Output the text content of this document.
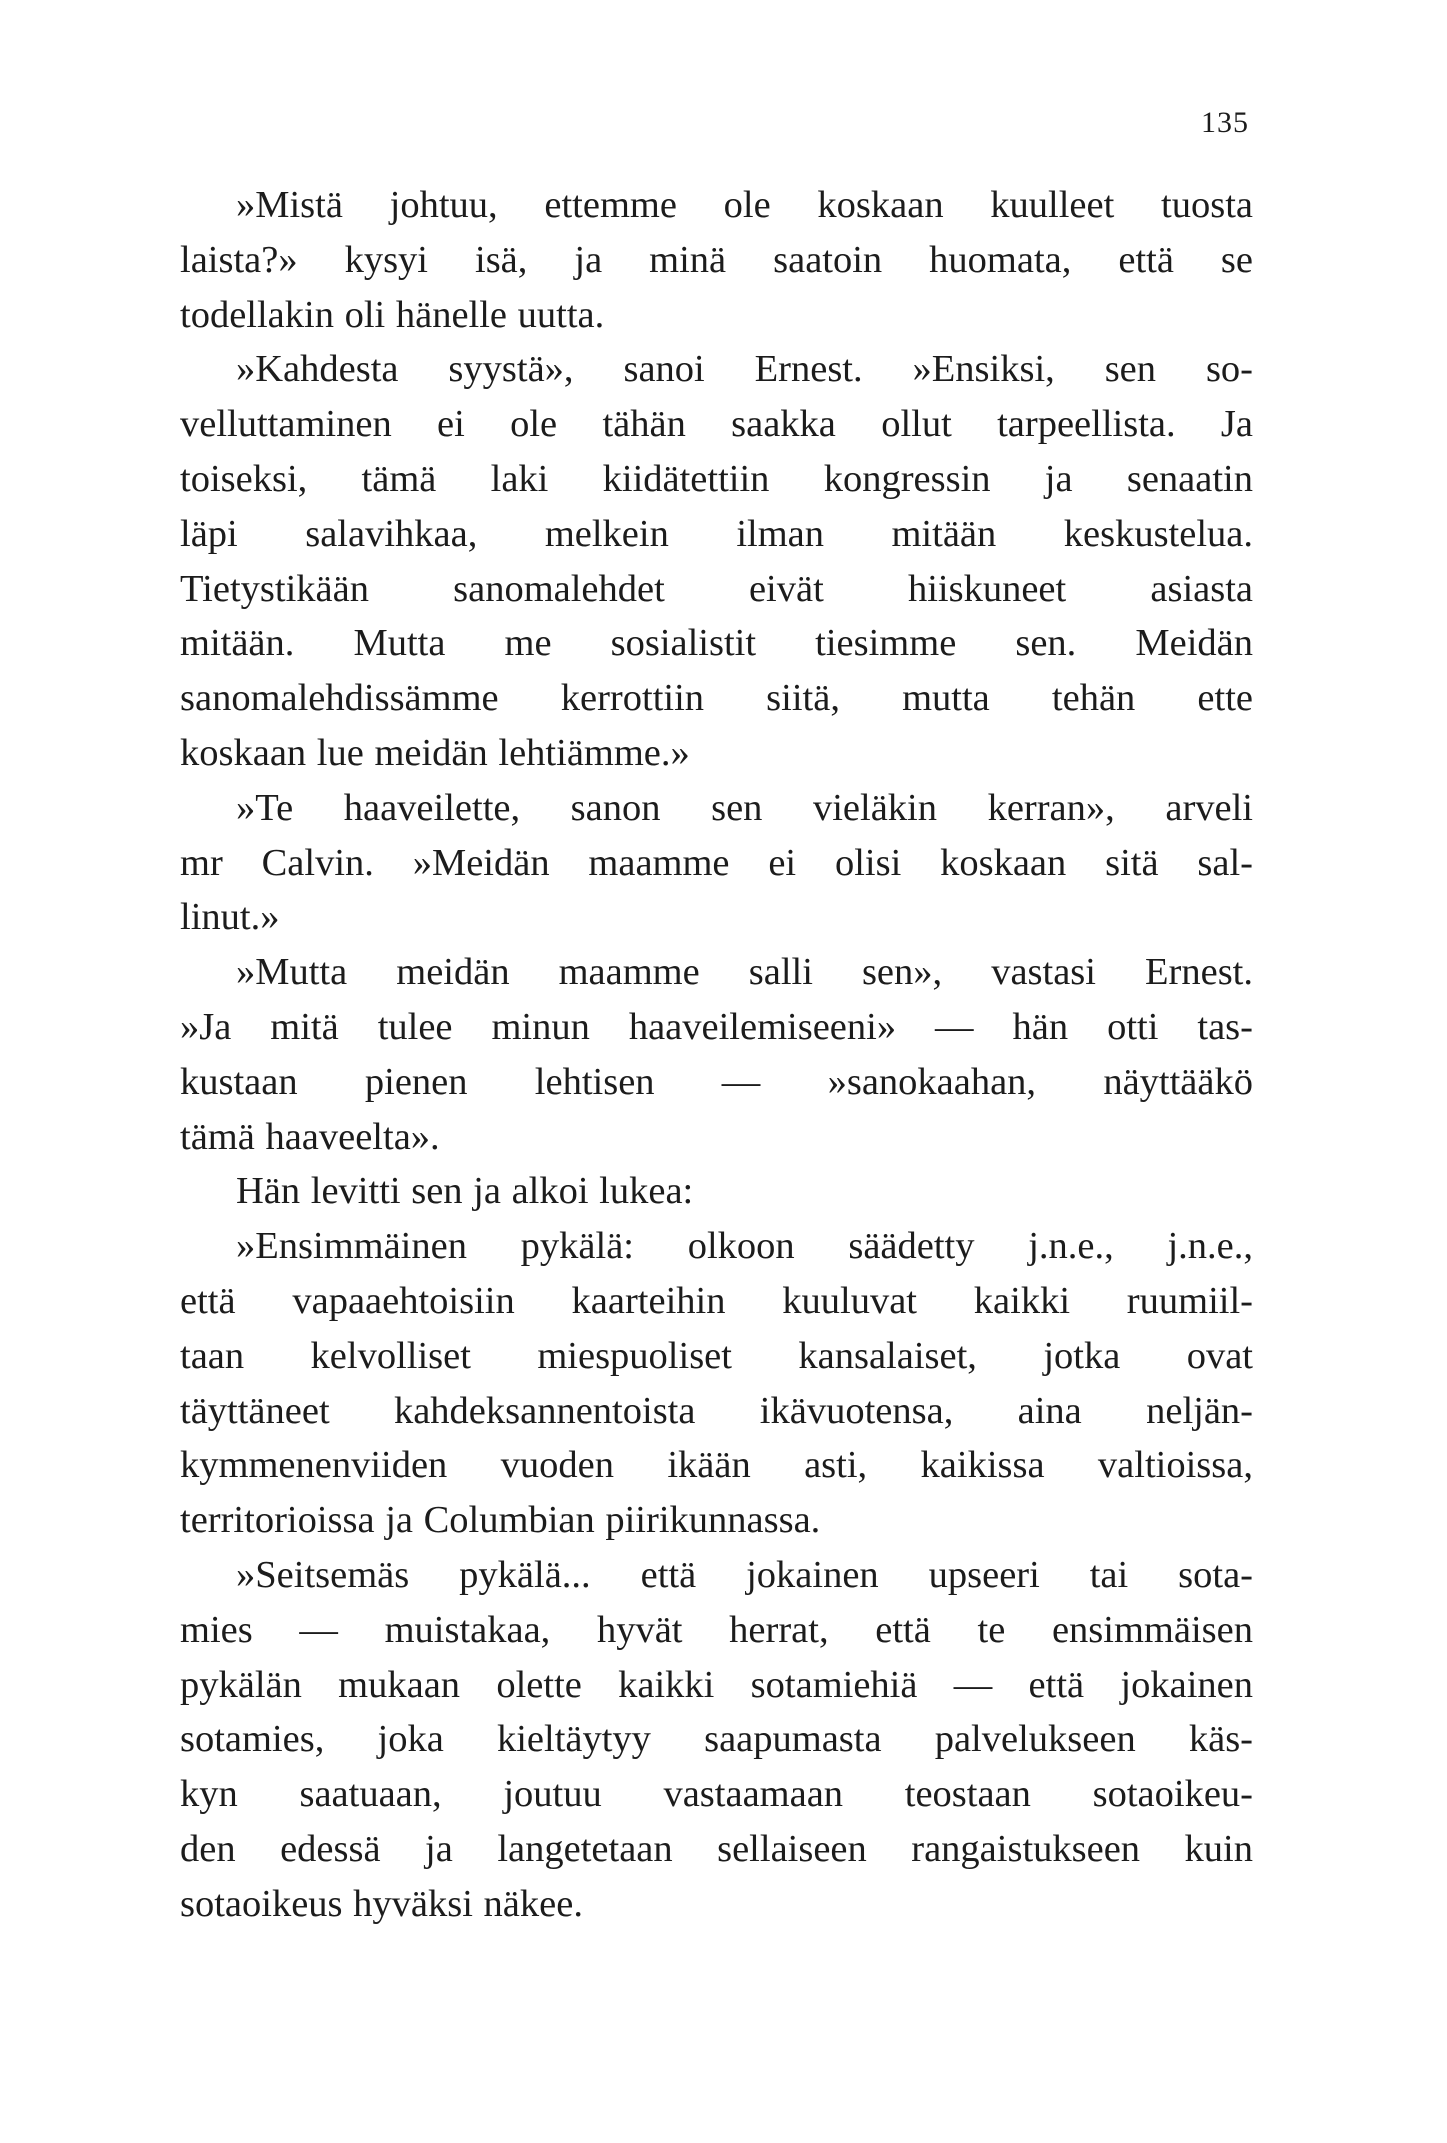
135
»Mistä johtuu, ettemme ole koskaan kuulleet tuosta
laista?» kysyi isä, ja minä saatoin huomata, että se
todellakin oli hänelle uutta.
»Kahdesta syystä», sanoi Ernest. »Ensiksi, sen so-
velluttaminen ei ole tähän saakka ollut tarpeellista. Ja
toiseksi, tämä laki kiidätettiin kongressin ja senaatin
läpi salavihkaa, melkein ilman mitään keskustelua.
Tietystikään sanomalehdet eivät hiiskuneet asiasta
mitään. Mutta me sosialistit tiesimme sen. Meidän
sanomalehdissämme kerrottiin siitä, mutta tehän ette
koskaan lue meidän lehtiämme.»
»Te haaveilette, sanon sen vieläkin kerran», arveli
mr Calvin. »Meidän maamme ei olisi koskaan sitä sal-
linut.»
»Mutta meidän maamme salli sen», vastasi Ernest.
»Ja mitä tulee minun haaveilemiseeni» — hän otti tas-
kustaan pienen lehtisen — »sanokaahan, näyttääkö
tämä haaveelta».
Hän levitti sen ja alkoi lukea:
»Ensimmäinen pykälä: olkoon säädetty j.n.e., j.n.e.,
että vapaaehtoisiin kaarteihin kuuluvat kaikki ruumiil-
taan kelvolliset miespuoliset kansalaiset, jotka ovat
täyttäneet kahdeksannentoista ikävuotensa, aina neljän-
kymmenenviiden vuoden ikään asti, kaikissa valtioissa,
territorioissa ja Columbian piirikunnassa.
»Seitsemäs pykälä... että jokainen upseeri tai sota-
mies — muistakaa, hyvät herrat, että te ensimmäisen
pykälän mukaan olette kaikki sotamiehiä — että jokainen
sotamies, joka kieltäytyy saapumasta palvelukseen käs-
kyn saatuaan, joutuu vastaamaan teostaan sotaoikeu-
den edessä ja langetetaan sellaiseen rangaistukseen kuin
sotaoikeus hyväksi näkee.
